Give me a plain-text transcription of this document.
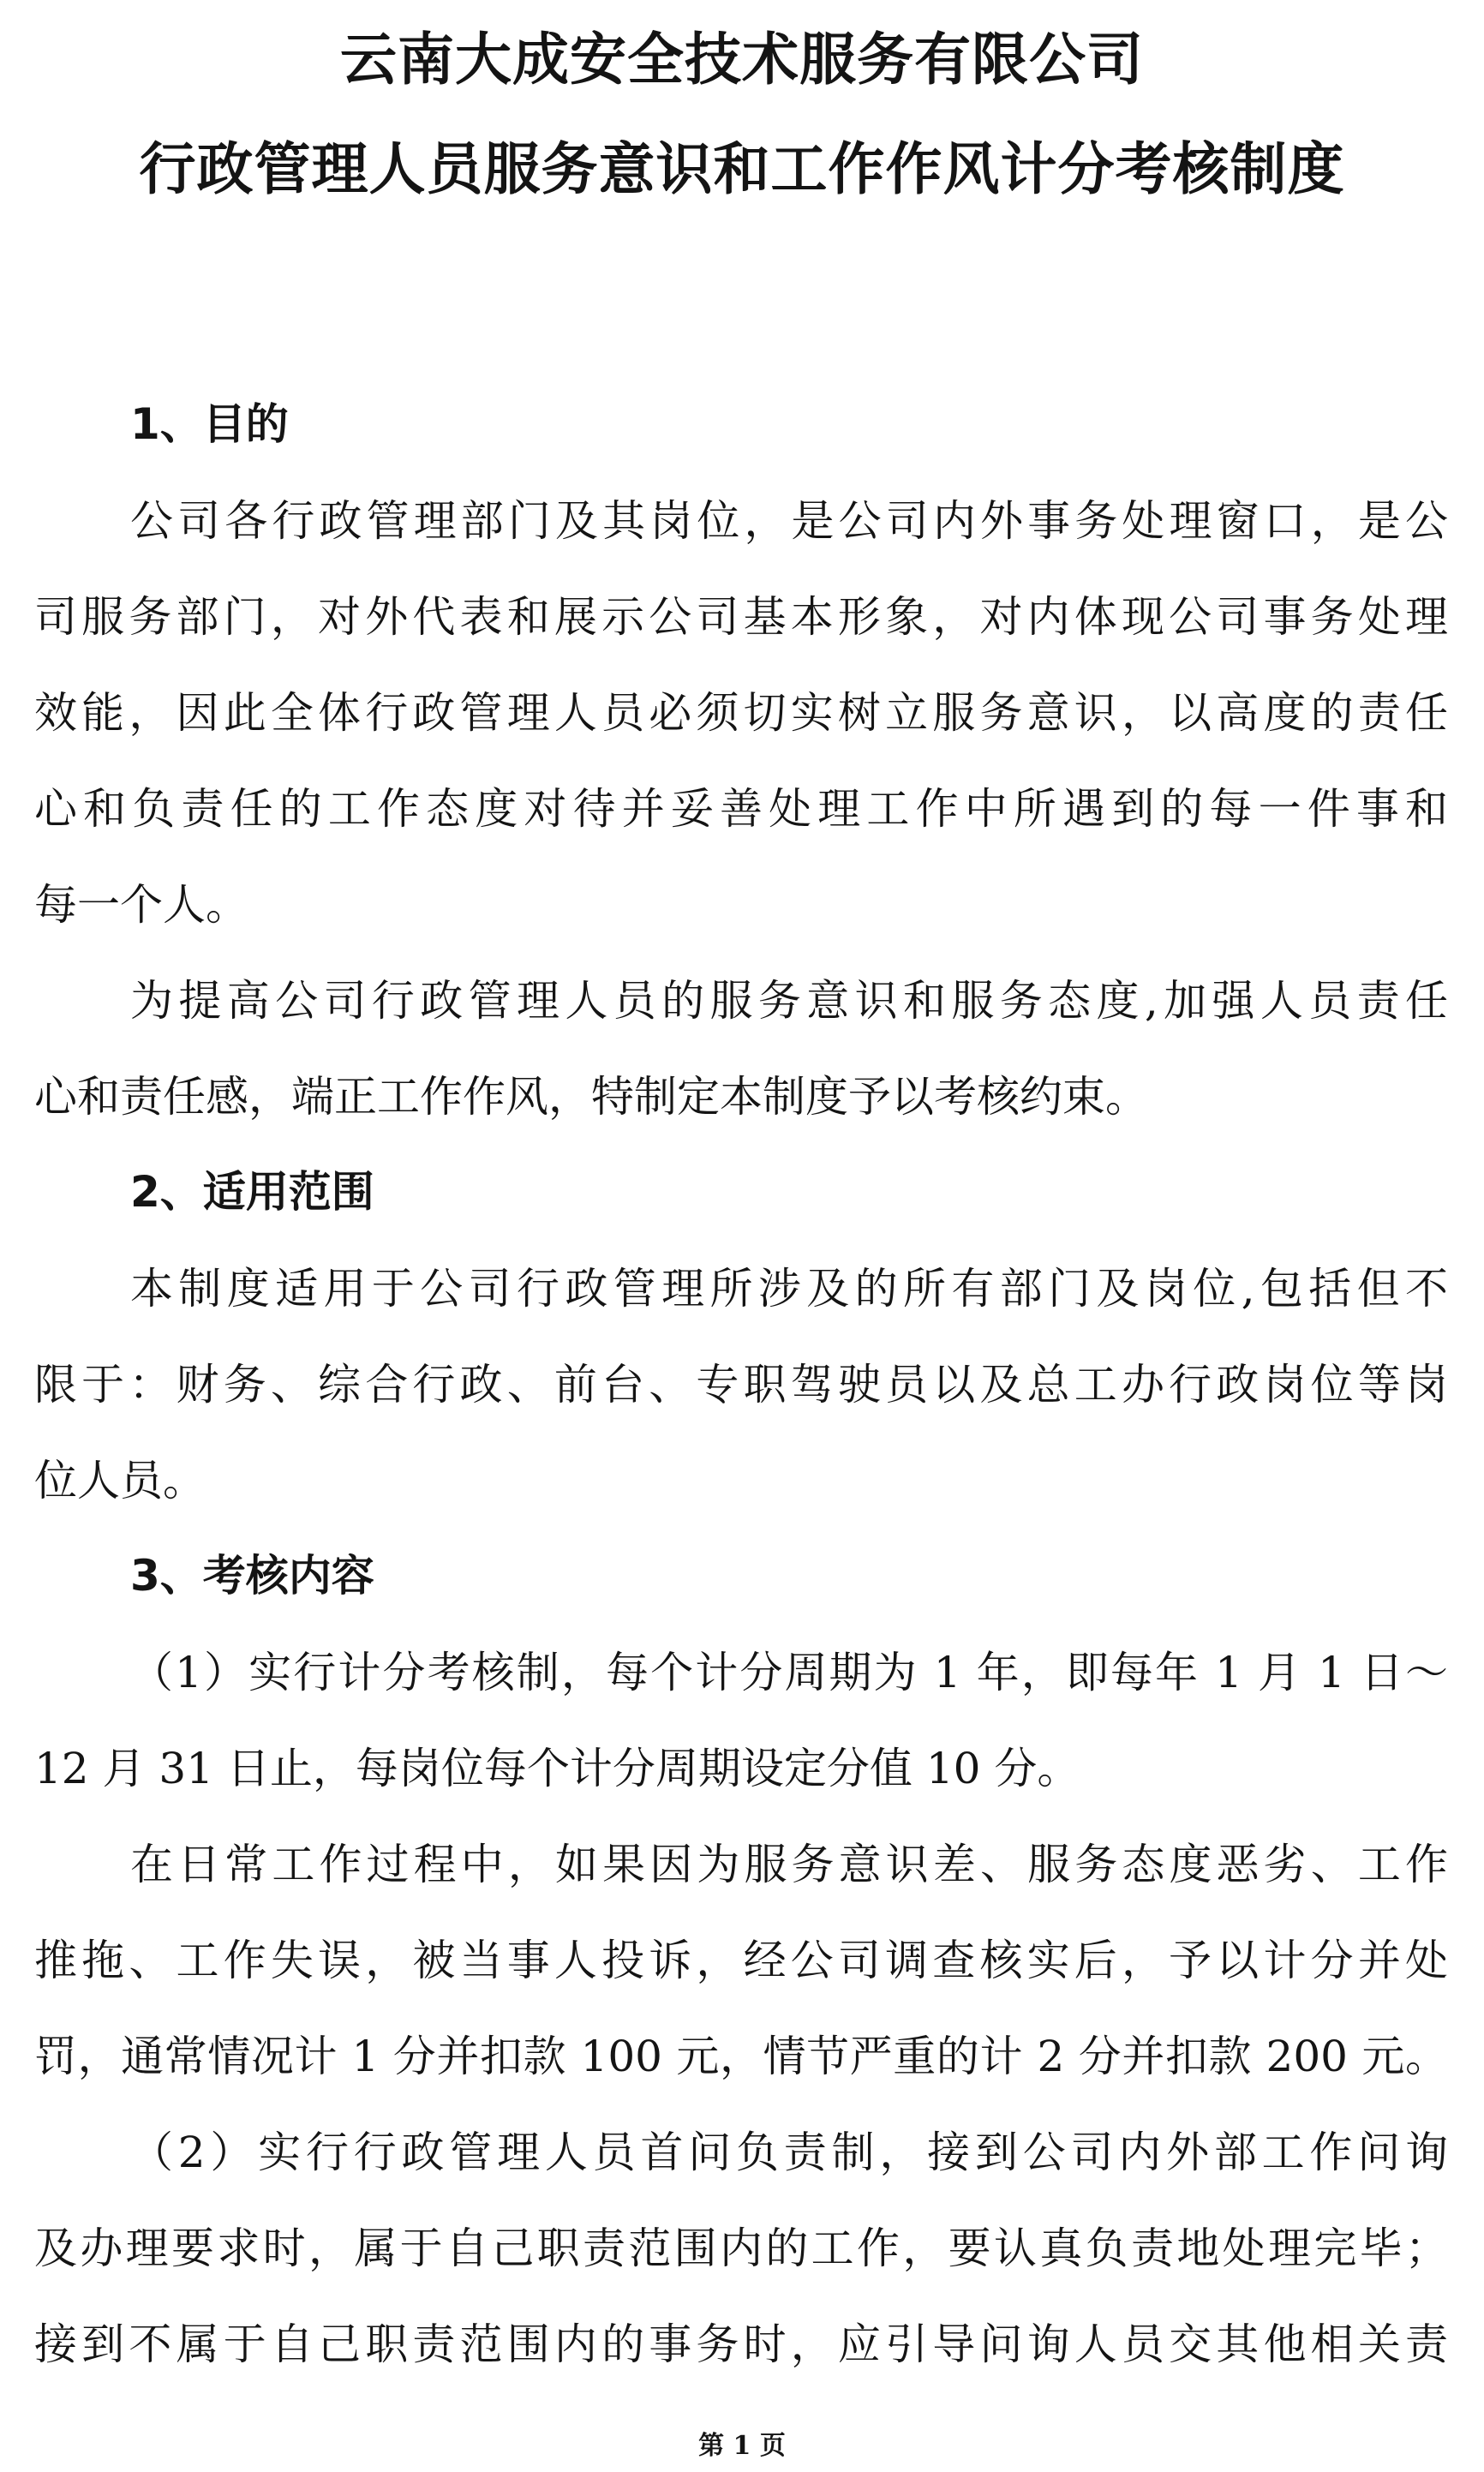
云南大成安全技术服务有限公司
行政管理人员服务意识和工作作风计分考核制度
1、目的
公司各行政管理部门及其岗位，是公司内外事务处理窗口，是公
司服务部门，对外代表和展示公司基本形象，对内体现公司事务处理
效能，因此全体行政管理人员必须切实树立服务意识，以高度的责任
心和负责任的工作态度对待并妥善处理工作中所遇到的每一件事和
每一个人。
为提高公司行政管理人员的服务意识和服务态度,加强人员责任
心和责任感，端正工作作风，特制定本制度予以考核约束。
2、适用范围
本制度适用于公司行政管理所涉及的所有部门及岗位,包括但不
限于：财务、综合行政、前台、专职驾驶员以及总工办行政岗位等岗
位人员。
3、考核内容
（1）实行计分考核制，每个计分周期为 1 年，即每年 1 月 1 日～
12 月 31 日止，每岗位每个计分周期设定分值 10 分。
在日常工作过程中，如果因为服务意识差、服务态度恶劣、工作
推拖、工作失误，被当事人投诉，经公司调查核实后，予以计分并处
罚，通常情况计 1 分并扣款 100 元，情节严重的计 2 分并扣款 200 元。
（2）实行行政管理人员首问负责制，接到公司内外部工作问询
及办理要求时，属于自己职责范围内的工作，要认真负责地处理完毕；
接到不属于自己职责范围内的事务时，应引导问询人员交其他相关责
第 1 页
